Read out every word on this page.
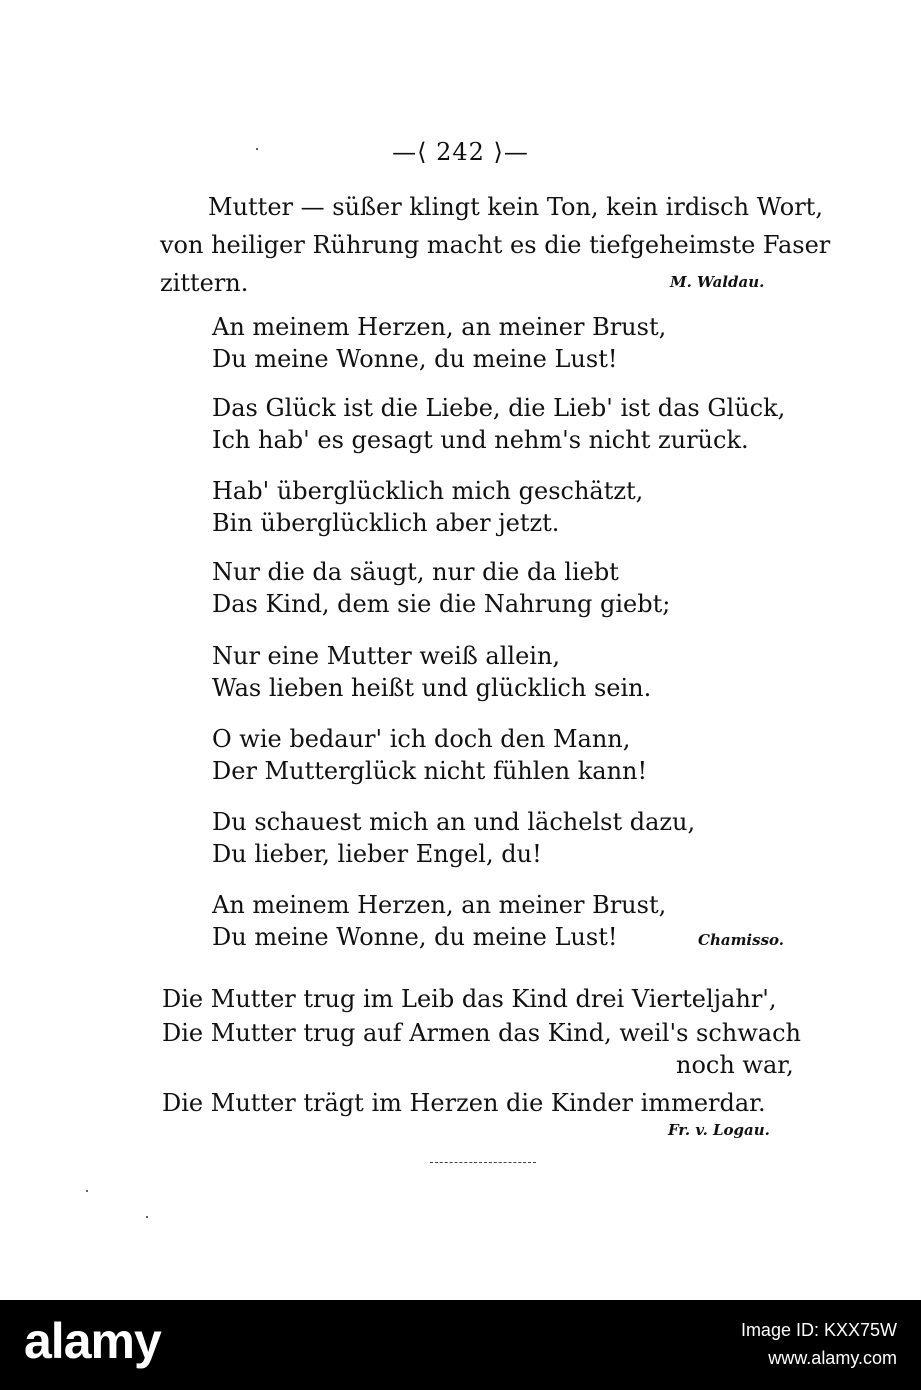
—⟨ 242 ⟩—
Mutter — süßer klingt kein Ton, kein irdisch Wort,
von heiliger Rührung macht es die tiefgeheimste Faser
zittern.	M. Waldau.
An meinem Herzen, an meiner Brust,
Du meine Wonne, du meine Lust!
Das Glück ist die Liebe, die Lieb' ist das Glück,
Ich hab' es gesagt und nehm's nicht zurück.
Hab' überglücklich mich geschätzt,
Bin überglücklich aber jetzt.
Nur die da säugt, nur die da liebt
Das Kind, dem sie die Nahrung giebt;
Nur eine Mutter weiß allein,
Was lieben heißt und glücklich sein.
O wie bedaur' ich doch den Mann,
Der Mutterglück nicht fühlen kann!
Du schauest mich an und lächelst dazu,
Du lieber, lieber Engel, du!
An meinem Herzen, an meiner Brust,
Du meine Wonne, du meine Lust!	Chamisso.
Die Mutter trug im Leib das Kind drei Vierteljahr',
Die Mutter trug auf Armen das Kind, weil's schwach
noch war,
Die Mutter trägt im Herzen die Kinder immerdar.
Fr. v. Logau.
alamy	Image ID: KXX75W
www.alamy.com
